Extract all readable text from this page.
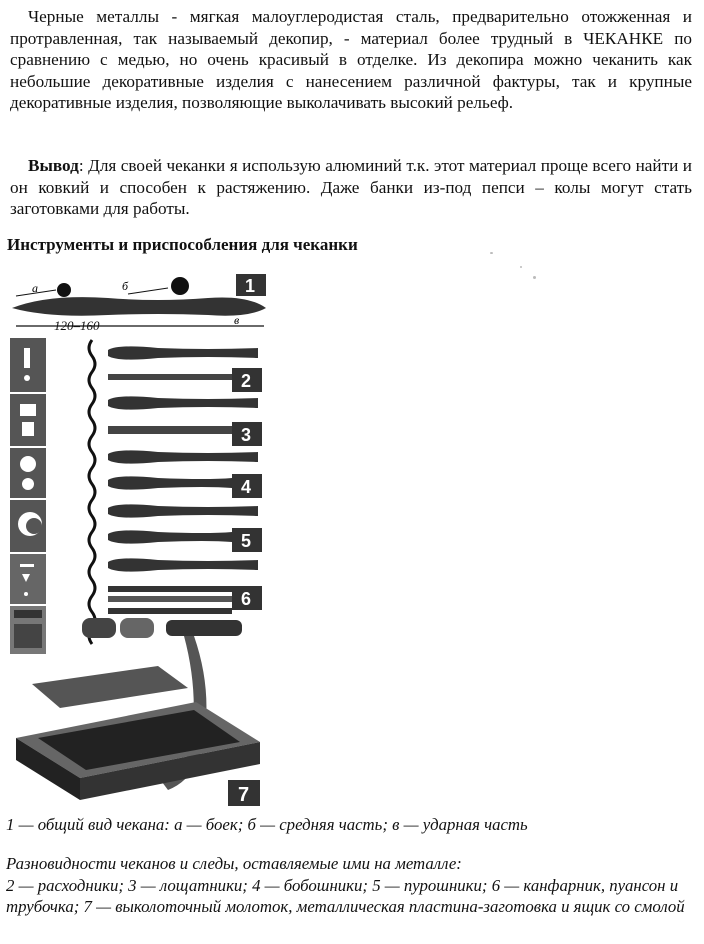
Черные металлы - мягкая малоуглеродистая сталь, предварительно отожженная и протравленная, так называемый декопир, - материал более трудный в ЧЕКАНКЕ по сравнению с медью, но очень красивый в отделке. Из декопира можно чеканить как небольшие декоративные изделия с нанесением различной фактуры, так и крупные декоративные изделия, позволяющие выколачивать высокий рельеф.
Вывод: Для своей чеканки я использую алюминий т.к. этот материал проще всего найти и он ковкий и способен к растяжению. Даже банки из-под пепси – колы могут стать заготовками для работы.
Инструменты и приспособления для чеканки
а	б
в
120–160
1
2
3
4
5
6
7
1 — общий вид чекана: а — боек; б — средняя часть; в — ударная часть
Разновидности чеканов и следы, оставляемые ими на металле:
2 — расходники; 3 — лощатники; 4 — бобошники; 5 — пурошники; 6 — канфарник, пуансон и трубочка; 7 — выколоточный молоток, металлическая пластина-заготовка и ящик со смолой
